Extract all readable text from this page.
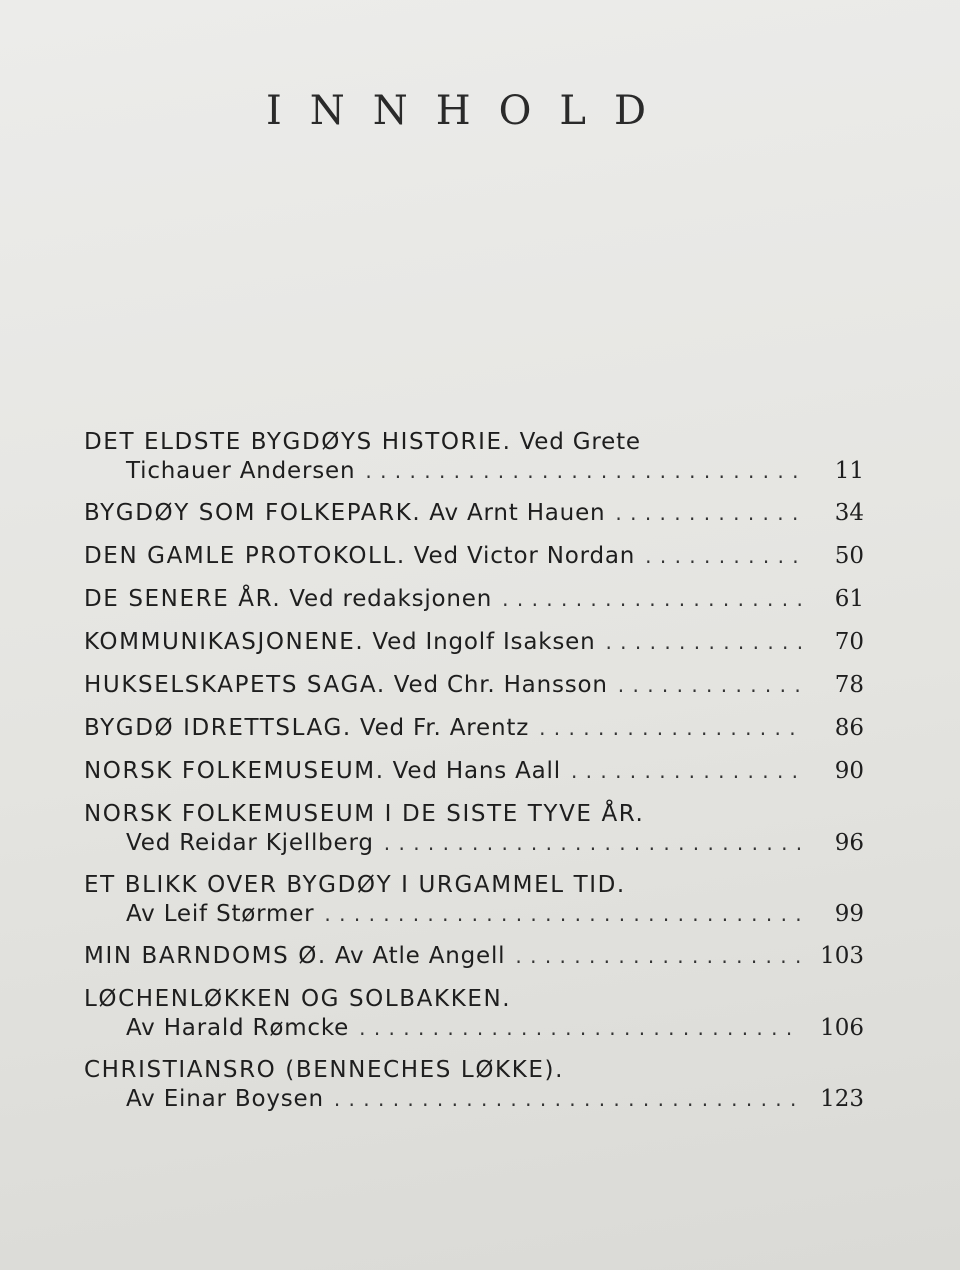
INNHOLD
DET ELDSTE BYGDØYS HISTORIE. Ved Grete
Tichauer Andersen . . .	11
BYGDØY SOM FOLKEPARK. Av Arnt Hauen . . .	34
DEN GAMLE PROTOKOLL. Ved Victor Nordan . . .	50
DE SENERE ÅR. Ved redaksjonen . . .	61
KOMMUNIKASJONENE. Ved Ingolf Isaksen . . .	70
HUKSELSKAPETS SAGA. Ved Chr. Hansson . . .	78
BYGDØ IDRETTSLAG. Ved Fr. Arentz . . .	86
NORSK FOLKEMUSEUM. Ved Hans Aall . . .	90
NORSK FOLKEMUSEUM I DE SISTE TYVE ÅR.
Ved Reidar Kjellberg . . .	96
ET BLIKK OVER BYGDØY I URGAMMEL TID.
Av Leif Størmer . . .	99
MIN BARNDOMS Ø. Av Atle Angell . . .	103
LØCHENLØKKEN OG SOLBAKKEN.
Av Harald Rømcke . . .	106
CHRISTIANSRO (BENNECHES LØKKE).
Av Einar Boysen . . .	123
